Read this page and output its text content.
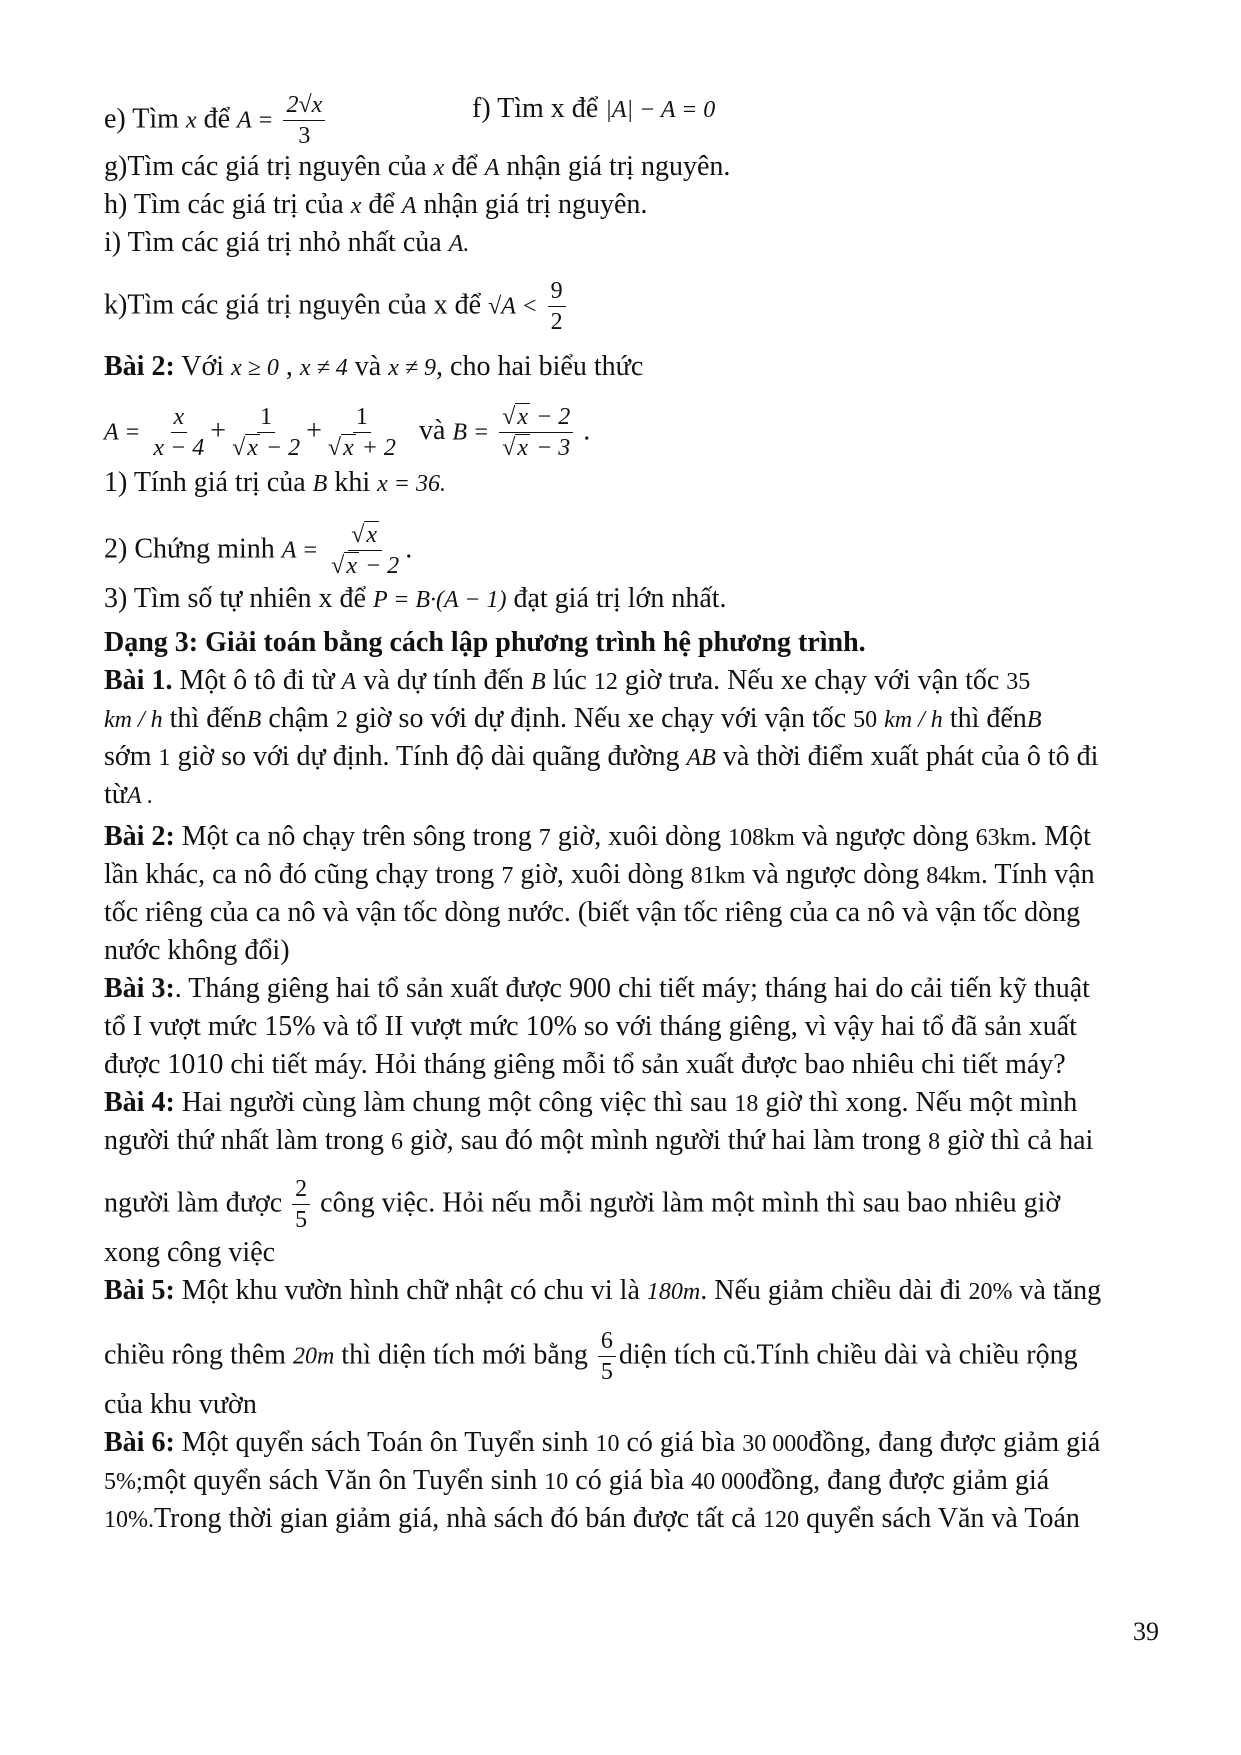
e) Tìm x để $A = \frac{2√x}{3}$	f) Tìm x để |A| − A = 0
g)Tìm các giá trị nguyên của x để A nhận giá trị nguyên.
h) Tìm các giá trị của x để A nhận giá trị nguyên.
i) Tìm các giá trị nhỏ nhất của A.
k)Tìm các giá trị nguyên của x để $√A < \frac{9}{2}$
Bài 2: Với x ≥ 0 , x ≠ 4 và x ≠ 9, cho hai biểu thức
$A = \frac{x}{x - 4} + \frac{1}{√x - 2} + \frac{1}{√x + 2}$ và $B = \frac{√x - 2}{√x - 3}$ .
1) Tính giá trị của B khi x = 36.
2) Chứng minh $A = \frac{√x}{√x - 2}$ .
3) Tìm số tự nhiên x để P = B·(A − 1) đạt giá trị lớn nhất.
Dạng 3: Giải toán bằng cách lập phương trình hệ phương trình.
Bài 1. Một ô tô đi từ A và dự tính đến B lúc 12 giờ trưa. Nếu xe chạy với vận tốc 35
km / h thì đếnB chậm 2 giờ so với dự định. Nếu xe chạy với vận tốc 50 km / h thì đếnB
sớm 1 giờ so với dự định. Tính độ dài quãng đường AB và thời điểm xuất phát của ô tô đi
từA .
Bài 2: Một ca nô chạy trên sông trong 7 giờ, xuôi dòng 108km và ngược dòng 63km. Một
lần khác, ca nô đó cũng chạy trong 7 giờ, xuôi dòng 81km và ngược dòng 84km. Tính vận
tốc riêng của ca nô và vận tốc dòng nước. (biết vận tốc riêng của ca nô và vận tốc dòng
nước không đổi)
Bài 3:. Tháng giêng hai tổ sản xuất được 900 chi tiết máy; tháng hai do cải tiến kỹ thuật
tổ I vượt mức 15% và tổ II vượt mức 10% so với tháng giêng, vì vậy hai tổ đã sản xuất
được 1010 chi tiết máy. Hỏi tháng giêng mỗi tổ sản xuất được bao nhiêu chi tiết máy?
Bài 4: Hai người cùng làm chung một công việc thì sau 18 giờ thì xong. Nếu một mình
người thứ nhất làm trong 6 giờ, sau đó một mình người thứ hai làm trong 8 giờ thì cả hai
người làm được $\frac{2}{5}$ công việc. Hỏi nếu mỗi người làm một mình thì sau bao nhiêu giờ
xong công việc
Bài 5: Một khu vườn hình chữ nhật có chu vi là 180m. Nếu giảm chiều dài đi 20% và tăng
chiều rông thêm 20m thì diện tích mới bằng $\frac{6}{5}$ diện tích cũ.Tính chiều dài và chiều rộng
của khu vườn
Bài 6: Một quyển sách Toán ôn Tuyển sinh 10 có giá bìa 30 000đồng, đang được giảm giá
5%;một quyển sách Văn ôn Tuyển sinh 10 có giá bìa 40 000đồng, đang được giảm giá
10%.Trong thời gian giảm giá, nhà sách đó bán được tất cả 120 quyển sách Văn và Toán
39
